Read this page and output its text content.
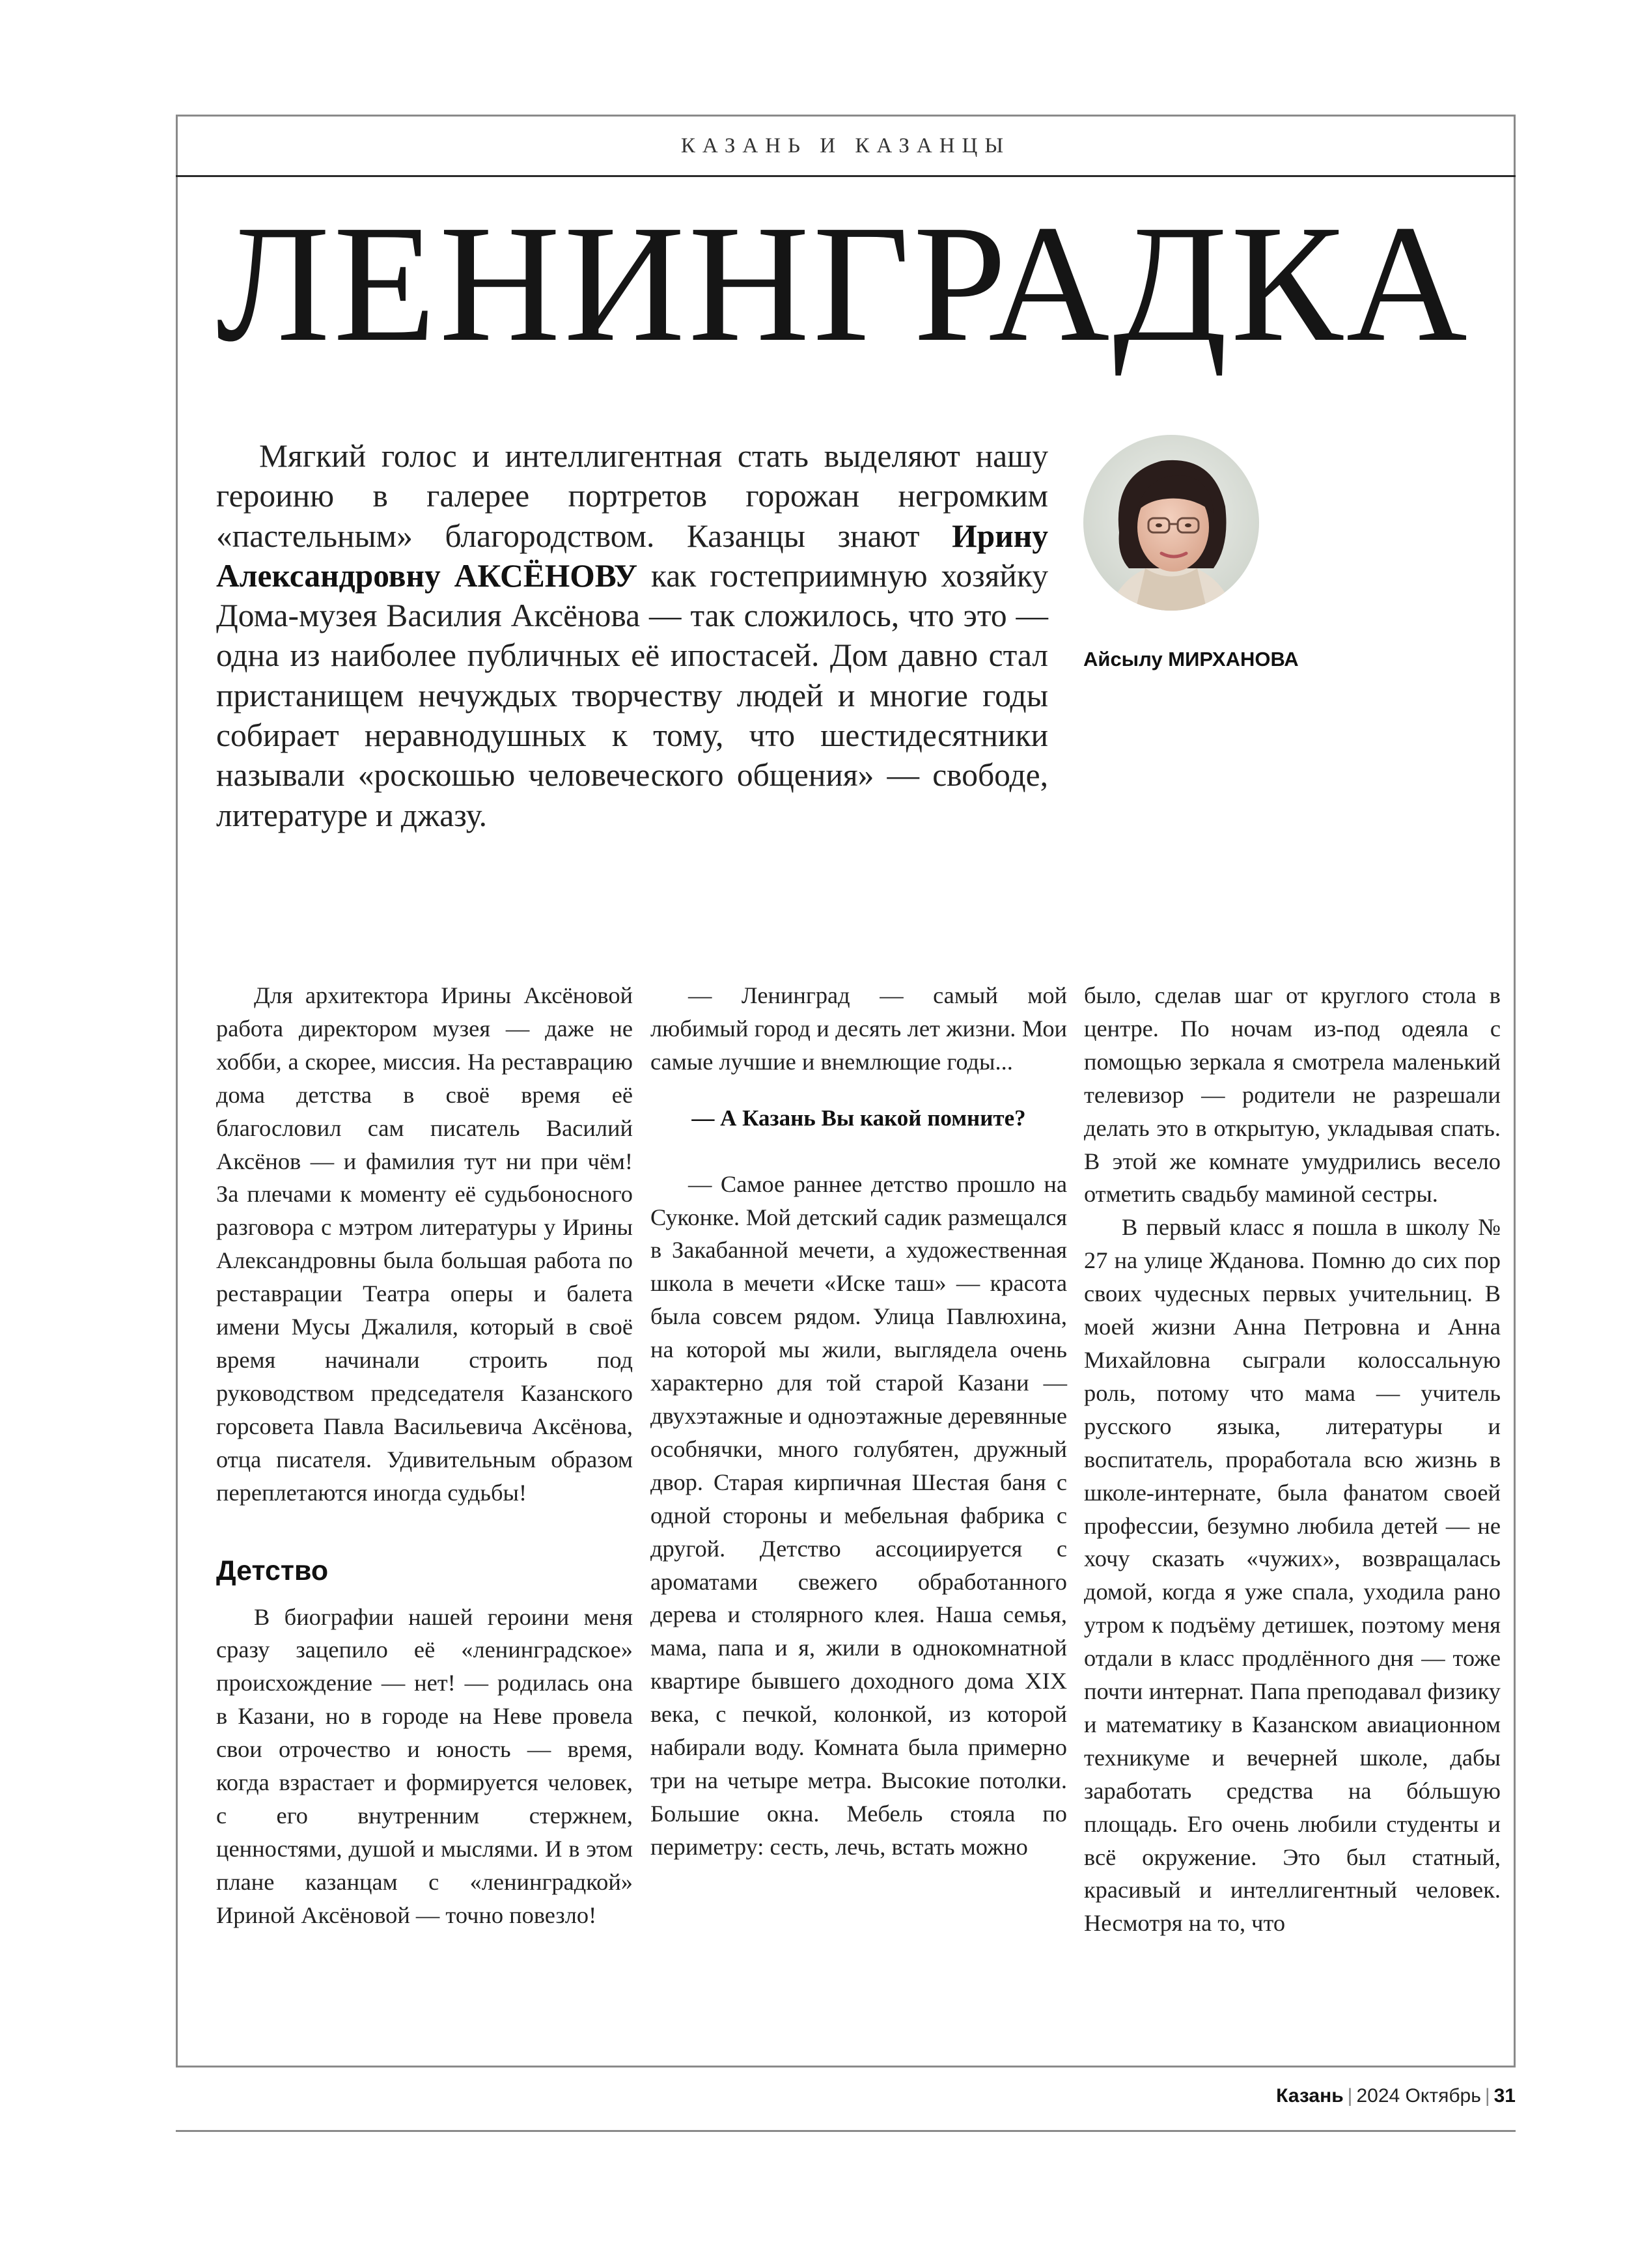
КАЗАНЬ И КАЗАНЦЫ
ЛЕНИНГРАДКА

Мягкий голос и интеллигентная стать выделяют нашу героиню в галерее портретов горожан негромким «пастельным» благородством. Казанцы знают Ирину Александровну АКСЁНОВУ как гостеприимную хозяйку Дома-музея Василия Аксёнова — так сложилось, что это — одна из наиболее публичных её ипостасей. Дом давно стал пристанищем нечуждых творчеству людей и многие годы собирает неравнодушных к тому, что шестидесятники называли «роскошью человеческого общения» — свободе, литературе и джазу.

Айсылу МИРХАНОВА

Для архитектора Ирины Аксёновой работа директором музея — даже не хобби, а скорее, миссия. На реставрацию дома детства в своё время её благословил сам писатель Василий Аксёнов — и фамилия тут ни при чём! За плечами к моменту её судьбоносного разговора с мэтром литературы у Ирины Александровны была большая работа по реставрации Театра оперы и балета имени Мусы Джалиля, который в своё время начинали строить под руководством председателя Казанского горсовета Павла Васильевича Аксёнова, отца писателя. Удивительным образом переплетаются иногда судьбы!

Детство

В биографии нашей героини меня сразу зацепило её «ленинградское» происхождение — нет! — родилась она в Казани, но в городе на Неве провела свои отрочество и юность — время, когда взрастает и формируется человек, с его внутренним стержнем, ценностями, душой и мыслями. И в этом плане казанцам с «ленинградкой» Ириной Аксёновой — точно повезло!

— Ленинград — самый мой любимый город и десять лет жизни. Мои самые лучшие и внемлющие годы...

— А Казань Вы какой помните?

— Самое раннее детство прошло на Суконке. Мой детский садик размещался в Закабанной мечети, а художественная школа в мечети «Иске таш» — красота была совсем рядом. Улица Павлюхина, на которой мы жили, выглядела очень характерно для той старой Казани — двухэтажные и одноэтажные деревянные особнячки, много голубятен, дружный двор. Старая кирпичная Шестая баня с одной стороны и мебельная фабрика с другой. Детство ассоциируется с ароматами свежего обработанного дерева и столярного клея. Наша семья, мама, папа и я, жили в однокомнатной квартире бывшего доходного дома XIX века, с печкой, колонкой, из которой набирали воду. Комната была примерно три на четыре метра. Высокие потолки. Большие окна. Мебель стояла по периметру: сесть, лечь, встать можно

было, сделав шаг от круглого стола в центре. По ночам из-под одеяла с помощью зеркала я смотрела маленький телевизор — родители не разрешали делать это в открытую, укладывая спать. В этой же комнате умудрились весело отметить свадьбу маминой сестры.

В первый класс я пошла в школу № 27 на улице Жданова. Помню до сих пор своих чудесных первых учительниц. В моей жизни Анна Петровна и Анна Михайловна сыграли колоссальную роль, потому что мама — учитель русского языка, литературы и воспитатель, проработала всю жизнь в школе-интернате, была фанатом своей профессии, безумно любила детей — не хочу сказать «чужих», возвращалась домой, когда я уже спала, уходила рано утром к подъёму детишек, поэтому меня отдали в класс продлённого дня — тоже почти интернат. Папа преподавал физику и математику в Казанском авиационном техникуме и вечерней школе, дабы заработать средства на бóльшую площадь. Его очень любили студенты и всё окружение. Это был статный, красивый и интеллигентный человек. Несмотря на то, что

Казань | 2024 Октябрь | 31
